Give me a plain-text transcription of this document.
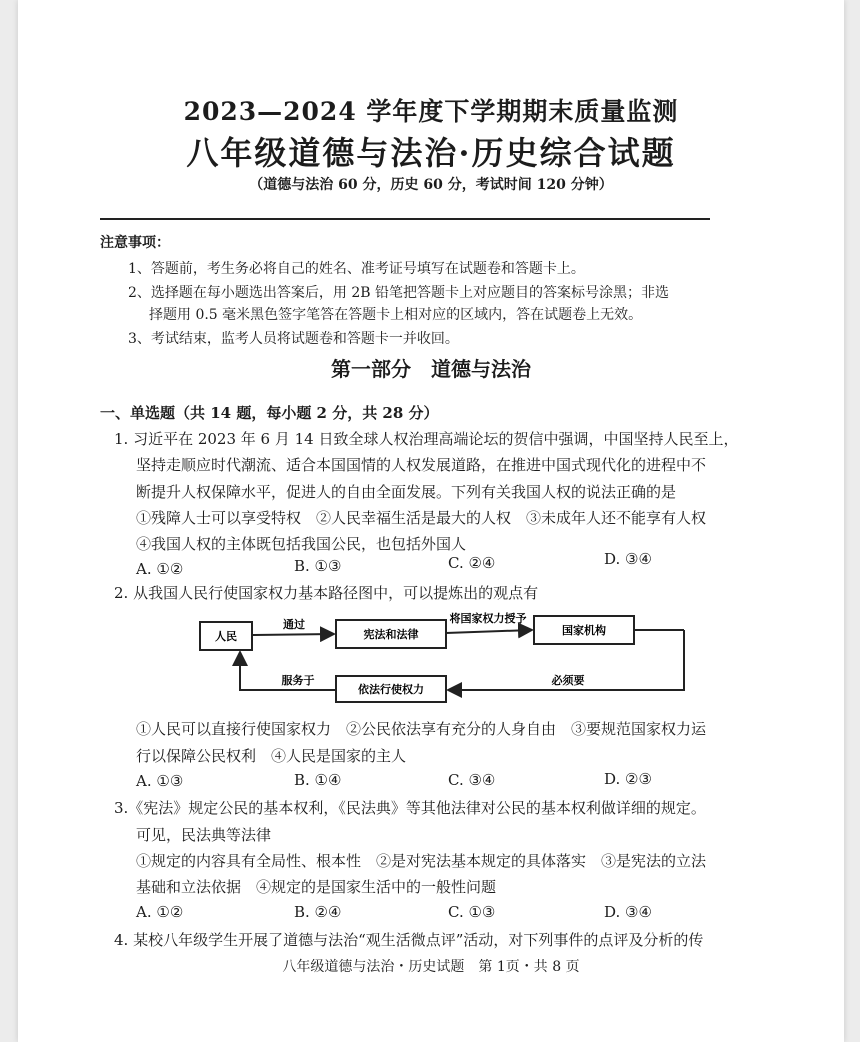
2023—2024 学年度下学期期末质量监测
八年级道德与法治·历史综合试题
（道德与法治 60 分，历史 60 分，考试时间 120 分钟）
注意事项：
1、答题前，考生务必将自己的姓名、准考证号填写在试题卷和答题卡上。
2、选择题在每小题选出答案后，用 2B 铅笔把答题卡上对应题目的答案标号涂黑；非选
择题用 0.5 毫米黑色签字笔答在答题卡上相对应的区域内，答在试题卷上无效。
3、考试结束，监考人员将试题卷和答题卡一并收回。
第一部分　道德与法治
一、单选题（共 14 题，每小题 2 分，共 28 分）
1. 习近平在 2023 年 6 月 14 日致全球人权治理高端论坛的贺信中强调，中国坚持人民至上，
坚持走顺应时代潮流、适合本国国情的人权发展道路，在推进中国式现代化的进程中不
断提升人权保障水平，促进人的自由全面发展。下列有关我国人权的说法正确的是
①残障人士可以享受特权　②人民幸福生活是最大的人权　③未成年人还不能享有人权
④我国人权的主体既包括我国公民，也包括外国人
A. ①②	B. ①③	C. ②④	D. ③④
2. 从我国人民行使国家权力基本路径图中，可以提炼出的观点有
人民	宪法和法律	国家机构
依法行使权力
通过	将国家权力授予
必须要
服务于
①人民可以直接行使国家权力　②公民依法享有充分的人身自由　③要规范国家权力运
行以保障公民权利　④人民是国家的主人
A. ①③	B. ①④	C. ③④	D. ②③
3.《宪法》规定公民的基本权利，《民法典》等其他法律对公民的基本权利做详细的规定。
可见，民法典等法律
①规定的内容具有全局性、根本性　②是对宪法基本规定的具体落实　③是宪法的立法
基础和立法依据　④规定的是国家生活中的一般性问题
A. ①②	B. ②④	C. ①③	D. ③④
4. 某校八年级学生开展了道德与法治“观生活微点评”活动，对下列事件的点评及分析的传
八年级道德与法治・历史试题　第 1页・共 8 页
